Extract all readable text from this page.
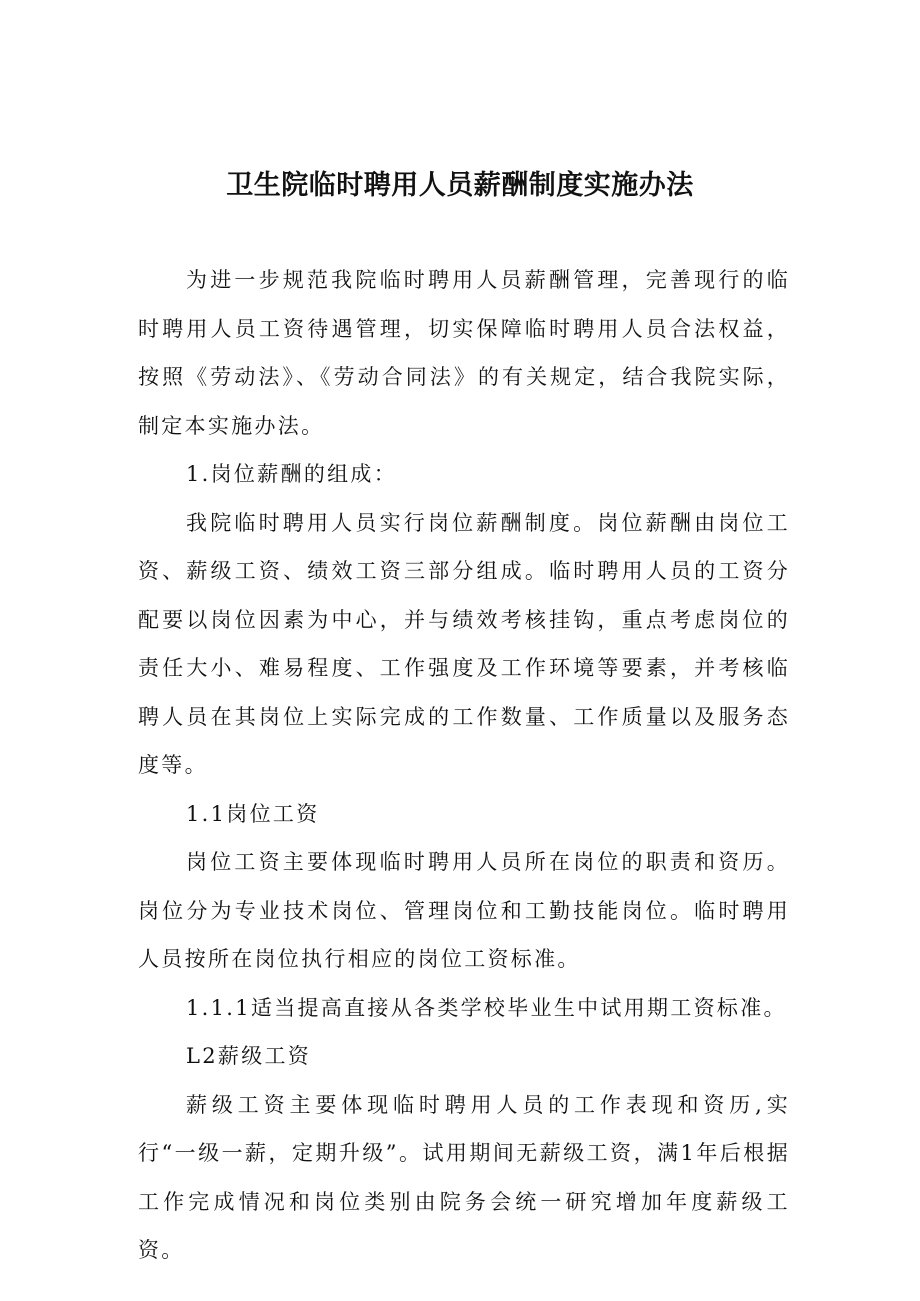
卫生院临时聘用人员薪酬制度实施办法

为进一步规范我院临时聘用人员薪酬管理，完善现行的临时聘用人员工资待遇管理，切实保障临时聘用人员合法权益，按照《劳动法》、《劳动合同法》的有关规定，结合我院实际，制定本实施办法。

1.岗位薪酬的组成：

我院临时聘用人员实行岗位薪酬制度。岗位薪酬由岗位工资、薪级工资、绩效工资三部分组成。临时聘用人员的工资分配要以岗位因素为中心，并与绩效考核挂钩，重点考虑岗位的责任大小、难易程度、工作强度及工作环境等要素，并考核临聘人员在其岗位上实际完成的工作数量、工作质量以及服务态度等。

1.1岗位工资

岗位工资主要体现临时聘用人员所在岗位的职责和资历。岗位分为专业技术岗位、管理岗位和工勤技能岗位。临时聘用人员按所在岗位执行相应的岗位工资标准。

1.1.1适当提高直接从各类学校毕业生中试用期工资标准。

L2薪级工资

薪级工资主要体现临时聘用人员的工作表现和资历,实行“一级一薪，定期升级”。试用期间无薪级工资，满1年后根据工作完成情况和岗位类别由院务会统一研究增加年度薪级工资。
